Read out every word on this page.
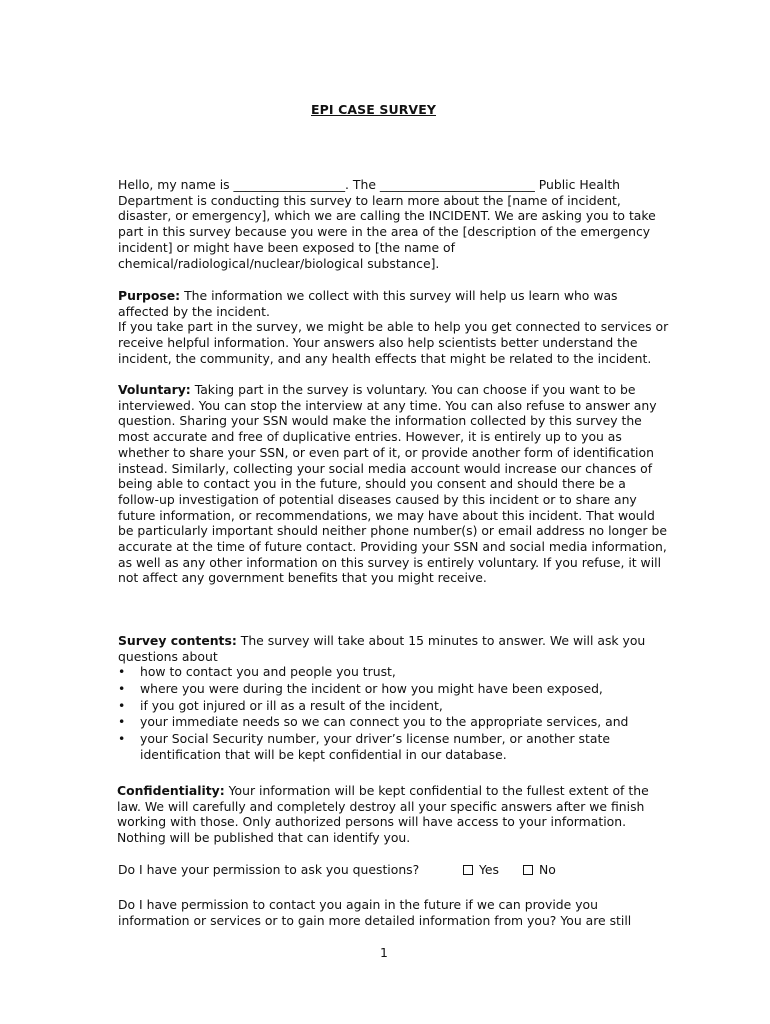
EPI CASE SURVEY

Hello, my name is __________________. The _________________________ Public Health Department is conducting this survey to learn more about the [name of incident, disaster, or emergency], which we are calling the INCIDENT. We are asking you to take part in this survey because you were in the area of the [description of the emergency incident] or might have been exposed to [the name of chemical/radiological/nuclear/biological substance].

Purpose: The information we collect with this survey will help us learn who was affected by the incident.

If you take part in the survey, we might be able to help you get connected to services or receive helpful information. Your answers also help scientists better understand the incident, the community, and any health effects that might be related to the incident.

Voluntary: Taking part in the survey is voluntary. You can choose if you want to be interviewed. You can stop the interview at any time. You can also refuse to answer any question. Sharing your SSN would make the information collected by this survey the most accurate and free of duplicative entries. However, it is entirely up to you as whether to share your SSN, or even part of it, or provide another form of identification instead. Similarly, collecting your social media account would increase our chances of being able to contact you in the future, should you consent and should there be a follow-up investigation of potential diseases caused by this incident or to share any future information, or recommendations, we may have about this incident. That would be particularly important should neither phone number(s) or email address no longer be accurate at the time of future contact. Providing your SSN and social media information, as well as any other information on this survey is entirely voluntary. If you refuse, it will not affect any government benefits that you might receive.

Survey contents: The survey will take about 15 minutes to answer. We will ask you questions about

• how to contact you and people you trust,
• where you were during the incident or how you might have been exposed,
• if you got injured or ill as a result of the incident,
• your immediate needs so we can connect you to the appropriate services, and
• your Social Security number, your driver’s license number, or another state identification that will be kept confidential in our database.

Confidentiality: Your information will be kept confidential to the fullest extent of the law. We will carefully and completely destroy all your specific answers after we finish working with those. Only authorized persons will have access to your information. Nothing will be published that can identify you.

Do I have your permission to ask you questions?	Yes	No

Do I have permission to contact you again in the future if we can provide you information or services or to gain more detailed information from you? You are still

1
